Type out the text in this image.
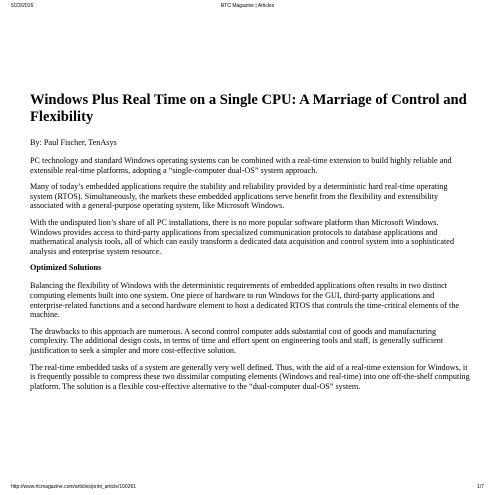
5/22/2016	RTC Magazine | Articles
Windows Plus Real Time on a Single CPU: A Marriage of Control and Flexibility

By: Paul Fischer, TenAsys

PC technology and standard Windows operating systems can be combined with a real-time extension to build highly reliable and extensible real-time platforms, adopting a “single-computer dual-OS” system approach.

Many of today’s embedded applications require the stability and reliability provided by a deterministic hard real-time operating system (RTOS). Simultaneously, the markets these embedded applications serve benefit from the flexibility and extensibility associated with a general-purpose operating system, like Microsoft Windows.

With the undisputed lion’s share of all PC installations, there is no more popular software platform than Microsoft Windows. Windows provides access to third-party applications from specialized communication protocols to database applications and mathematical analysis tools, all of which can easily transform a dedicated data acquisition and control system into a sophisticated analysis and enterprise system resource.

Optimized Solutions

Balancing the flexibility of Windows with the deterministic requirements of embedded applications often results in two distinct computing elements built into one system. One piece of hardware to run Windows for the GUI, third-party applications and enterprise-related functions and a second hardware element to host a dedicated RTOS that controls the time-critical elements of the machine.

The drawbacks to this approach are numerous. A second control computer adds substantial cost of goods and manufacturing complexity. The additional design costs, in terms of time and effort spent on engineering tools and staff, is generally sufficient justification to seek a simpler and more cost-effective solution.

The real-time embedded tasks of a system are generally very well defined. Thus, with the aid of a real-time extension for Windows, it is frequently possible to compress these two dissimilar computing elements (Windows and real-time) into one off-the-shelf computing platform. The solution is a flexible cost-effective alternative to the “dual-computer dual-OS” system.

http://www.rtcmagazine.com/articles/print_article/100261	1/7
